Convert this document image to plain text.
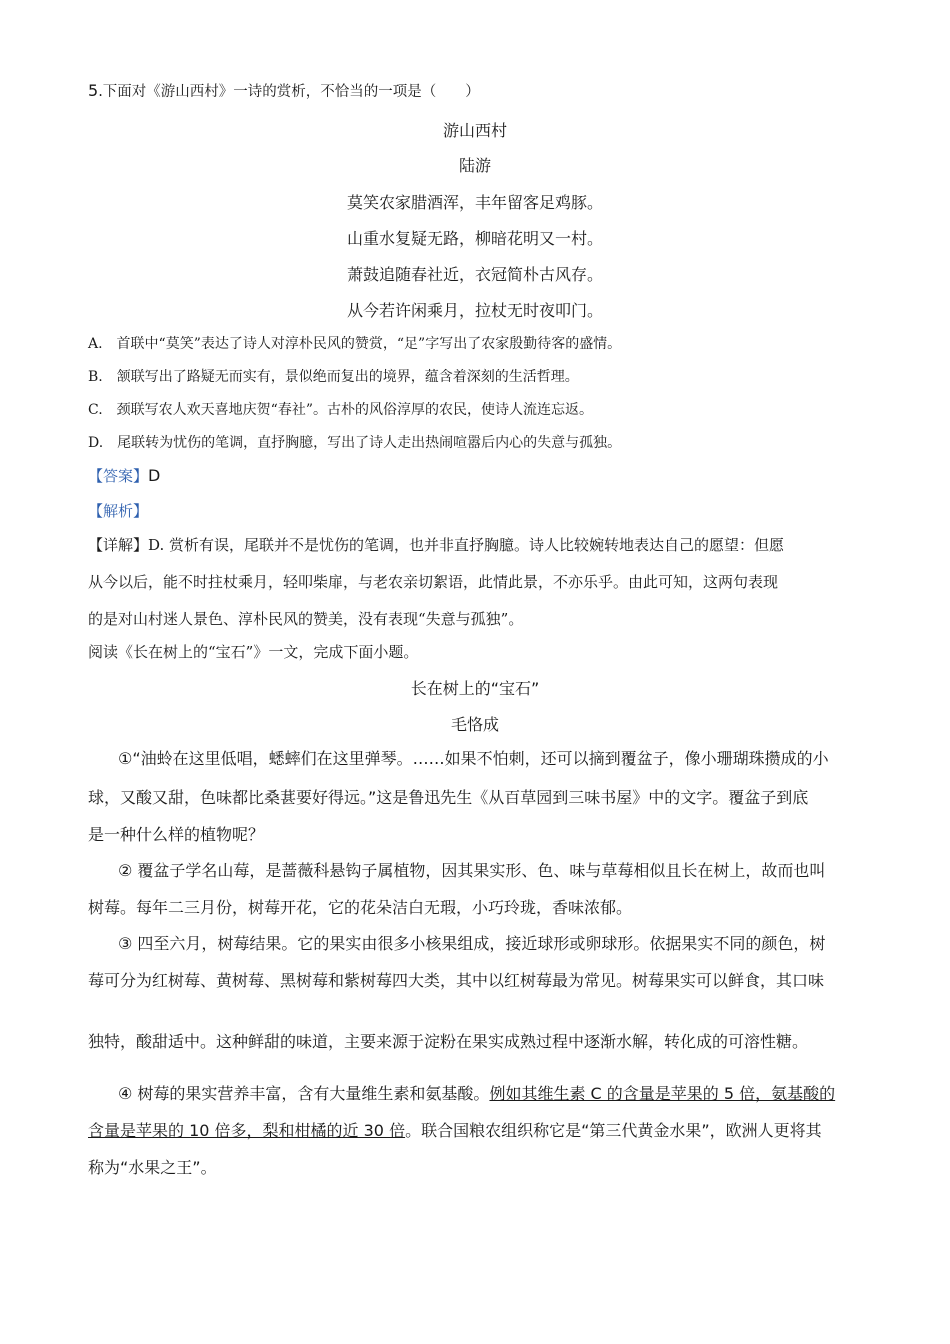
5.下面对《游山西村》一诗的赏析，不恰当的一项是（　　）
游山西村
陆游
莫笑农家腊酒浑，丰年留客足鸡豚。
山重水复疑无路，柳暗花明又一村。
萧鼓追随春社近，衣冠简朴古风存。
从今若许闲乘月，拉杖无时夜叩门。
A.　首联中“莫笑”表达了诗人对淳朴民风的赞赏，“足”字写出了农家殷勤待客的盛情。
B.　颔联写出了路疑无而实有，景似绝而复出的境界，蕴含着深刻的生活哲理。
C.　颈联写农人欢天喜地庆贺“春社”。古朴的风俗淳厚的农民，使诗人流连忘返。
D.　尾联转为忧伤的笔调，直抒胸臆，写出了诗人走出热闹喧嚣后内心的失意与孤独。
【答案】D
【解析】
【详解】D. 赏析有误，尾联并不是忧伤的笔调，也并非直抒胸臆。诗人比较婉转地表达自己的愿望：但愿
从今以后，能不时拄杖乘月，轻叩柴扉，与老农亲切絮语，此情此景，不亦乐乎。由此可知，这两句表现
的是对山村迷人景色、淳朴民风的赞美，没有表现“失意与孤独”。
阅读《长在树上的“宝石”》一文，完成下面小题。
长在树上的“宝石”
毛恪成
①“油蛉在这里低唱，蟋蟀们在这里弹琴。……如果不怕刺，还可以摘到覆盆子，像小珊瑚珠攒成的小
球，又酸又甜，色味都比桑葚要好得远。”这是鲁迅先生《从百草园到三味书屋》中的文字。覆盆子到底
是一种什么样的植物呢？
② 覆盆子学名山莓，是蔷薇科悬钩子属植物，因其果实形、色、味与草莓相似且长在树上，故而也叫
树莓。每年二三月份，树莓开花，它的花朵洁白无瑕，小巧玲珑，香味浓郁。
③ 四至六月，树莓结果。它的果实由很多小核果组成，接近球形或卵球形。依据果实不同的颜色，树
莓可分为红树莓、黄树莓、黑树莓和紫树莓四大类，其中以红树莓最为常见。树莓果实可以鲜食，其口味
独特，酸甜适中。这种鲜甜的味道，主要来源于淀粉在果实成熟过程中逐渐水解，转化成的可溶性糖。
④ 树莓的果实营养丰富，含有大量维生素和氨基酸。例如其维生素 C 的含量是苹果的 5 倍，氨基酸的
含量是苹果的 10 倍多，梨和柑橘的近 30 倍。联合国粮农组织称它是“第三代黄金水果”，欧洲人更将其
称为“水果之王”。
